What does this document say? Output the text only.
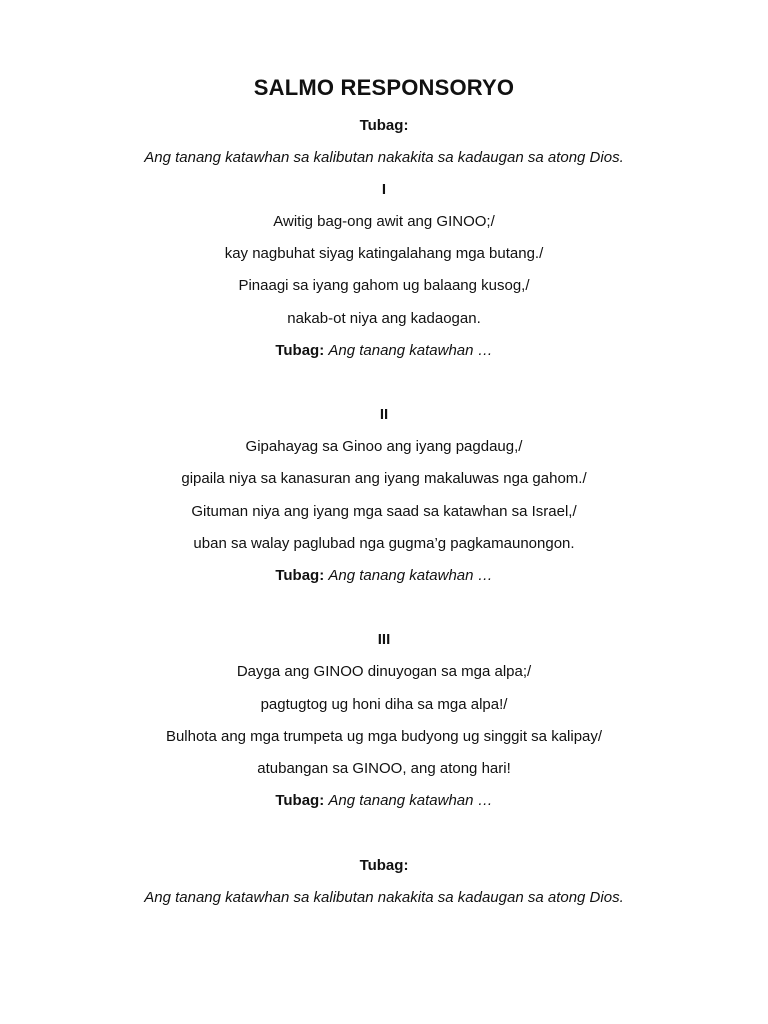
SALMO RESPONSORYO
Tubag:
Ang tanang katawhan sa kalibutan nakakita sa kadaugan sa atong Dios.
I
Awitig bag-ong awit ang GINOO;/
kay nagbuhat siyag katingalahang mga butang./
Pinaagi sa iyang gahom ug balaang kusog,/
nakab-ot niya ang kadaogan.
Tubag: Ang tanang katawhan …
II
Gipahayag sa Ginoo ang iyang pagdaug,/
gipaila niya sa kanasuran ang iyang makaluwas nga gahom./
Gituman niya ang iyang mga saad sa katawhan sa Israel,/
uban sa walay paglubad nga gugma’g pagkamaunongon.
Tubag: Ang tanang katawhan …
III
Dayga ang GINOO dinuyogan sa mga alpa;/
pagtugtog ug honi diha sa mga alpa!/
Bulhota ang mga trumpeta ug mga budyong ug singgit sa kalipay/
atubangan sa GINOO, ang atong hari!
Tubag: Ang tanang katawhan …
Tubag:
Ang tanang katawhan sa kalibutan nakakita sa kadaugan sa atong Dios.
